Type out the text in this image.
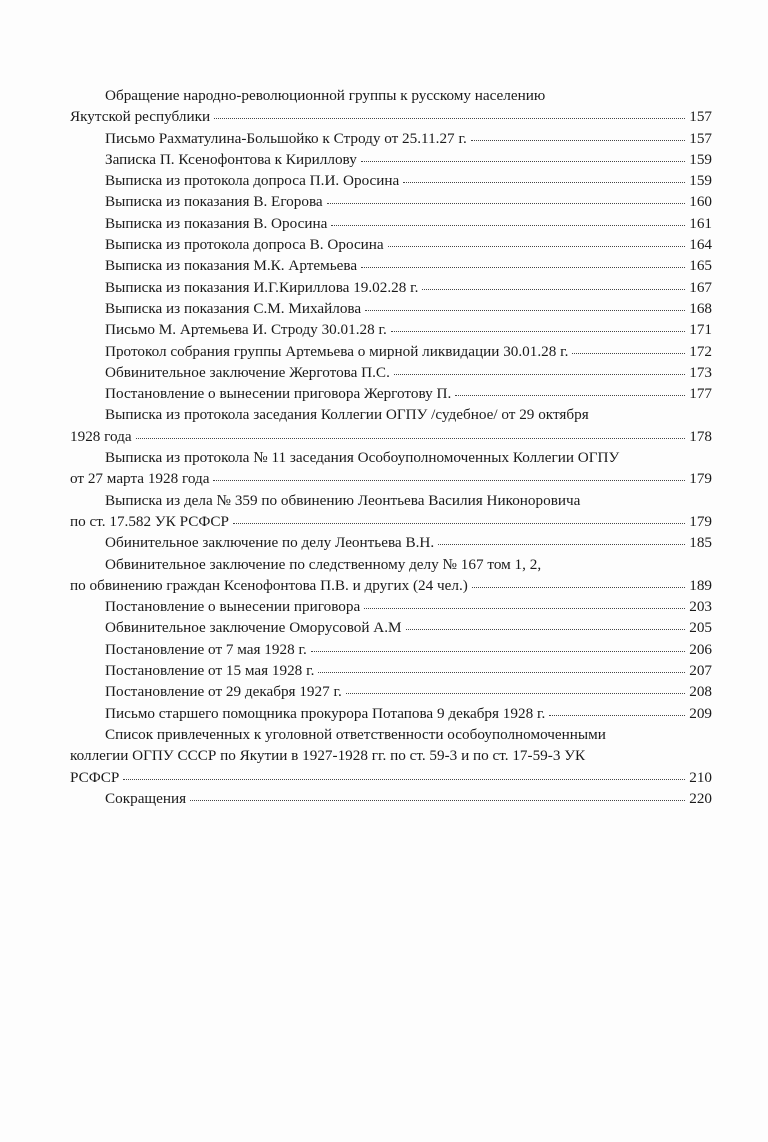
Обращение народно-революционной группы к русскому населению
Якутской республики	157
Письмо Рахматулина-Большойко к Строду от 25.11.27 г.	157
Записка П. Ксенофонтова к Кириллову	159
Выписка из протокола допроса П.И. Оросина	159
Выписка из показания В. Егорова	160
Выписка из показания В. Оросина	161
Выписка из протокола допроса В. Оросина	164
Выписка из показания М.К. Артемьева	165
Выписка из показания И.Г.Кириллова 19.02.28 г.	167
Выписка из показания С.М. Михайлова	168
Письмо М. Артемьева И. Строду 30.01.28 г.	171
Протокол собрания группы Артемьева о мирной ликвидации 30.01.28 г.	172
Обвинительное заключение Жерготова П.С.	173
Постановление о вынесении приговора Жерготову П.	177
Выписка из протокола заседания Коллегии ОГПУ /судебное/ от 29 октября
1928 года	178
Выписка из протокола № 11 заседания Особоуполномоченных Коллегии ОГПУ
от 27 марта 1928 года	179
Выписка из дела № 359 по обвинению Леонтьева Василия Никоноровича
по ст. 17.582 УК РСФСР	179
Обинительное заключение по делу Леонтьева В.Н.	185
Обвинительное заключение по следственному делу № 167 том 1, 2,
по обвинению граждан Ксенофонтова П.В. и других (24 чел.)	189
Постановление о вынесении приговора	203
Обвинительное заключение Оморусовой А.М	205
Постановление от 7 мая 1928 г.	206
Постановление от 15 мая 1928 г.	207
Постановление от 29 декабря 1927 г.	208
Письмо старшего помощника прокурора Потапова 9 декабря 1928 г.	209
Список привлеченных к уголовной ответственности особоуполномоченными
коллегии ОГПУ СССР по Якутии в 1927-1928 гг. по ст. 59-3 и по ст. 17-59-3 УК
РСФСР	210
Сокращения	220
